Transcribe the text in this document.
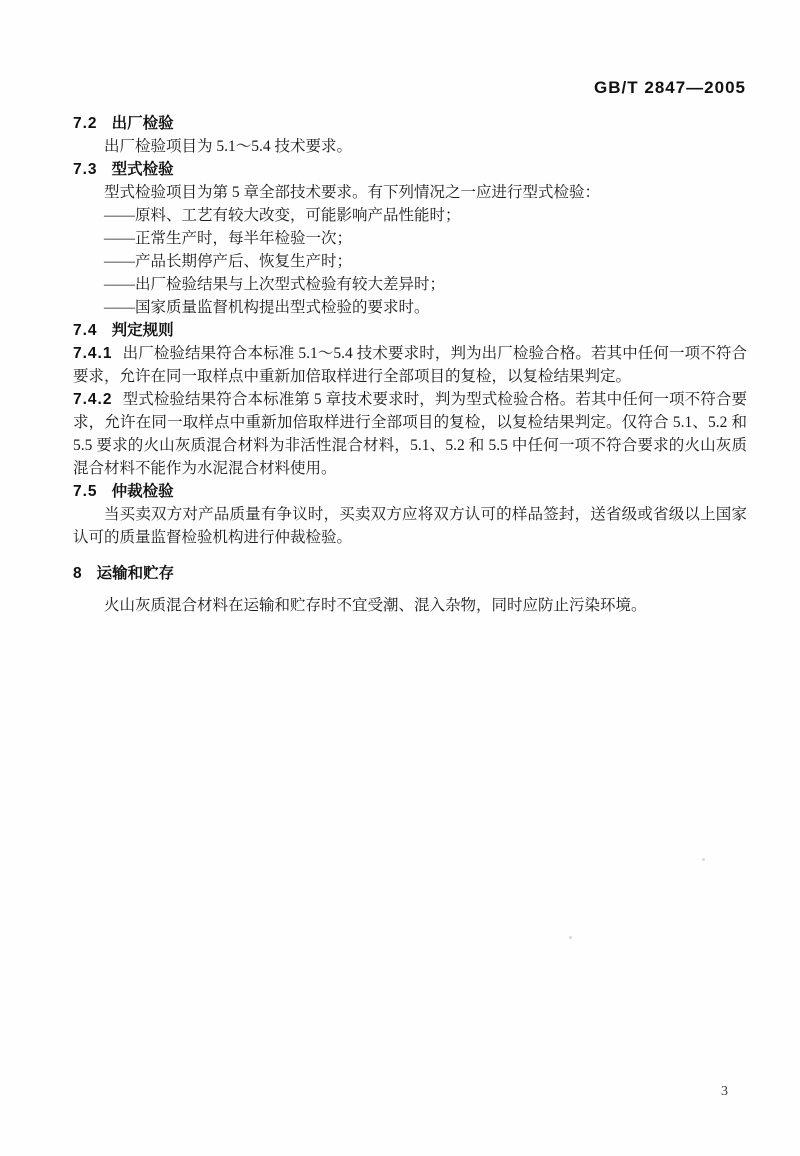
GB/T 2847—2005
7.2 出厂检验

出厂检验项目为 5.1～5.4 技术要求。

7.3 型式检验

型式检验项目为第 5 章全部技术要求。有下列情况之一应进行型式检验：

——原料、工艺有较大改变，可能影响产品性能时；

——正常生产时，每半年检验一次；

——产品长期停产后、恢复生产时；

——出厂检验结果与上次型式检验有较大差异时；

——国家质量监督机构提出型式检验的要求时。

7.4 判定规则

7.4.1 出厂检验结果符合本标准 5.1～5.4 技术要求时，判为出厂检验合格。若其中任何一项不符合要求，允许在同一取样点中重新加倍取样进行全部项目的复检，以复检结果判定。

7.4.2 型式检验结果符合本标准第 5 章技术要求时，判为型式检验合格。若其中任何一项不符合要求，允许在同一取样点中重新加倍取样进行全部项目的复检，以复检结果判定。仅符合 5.1、5.2 和 5.5 要求的火山灰质混合材料为非活性混合材料，5.1、5.2 和 5.5 中任何一项不符合要求的火山灰质混合材料不能作为水泥混合材料使用。

7.5 仲裁检验

当买卖双方对产品质量有争议时，买卖双方应将双方认可的样品签封，送省级或省级以上国家认可的质量监督检验机构进行仲裁检验。

8 运输和贮存

火山灰质混合材料在运输和贮存时不宜受潮、混入杂物，同时应防止污染环境。

3
